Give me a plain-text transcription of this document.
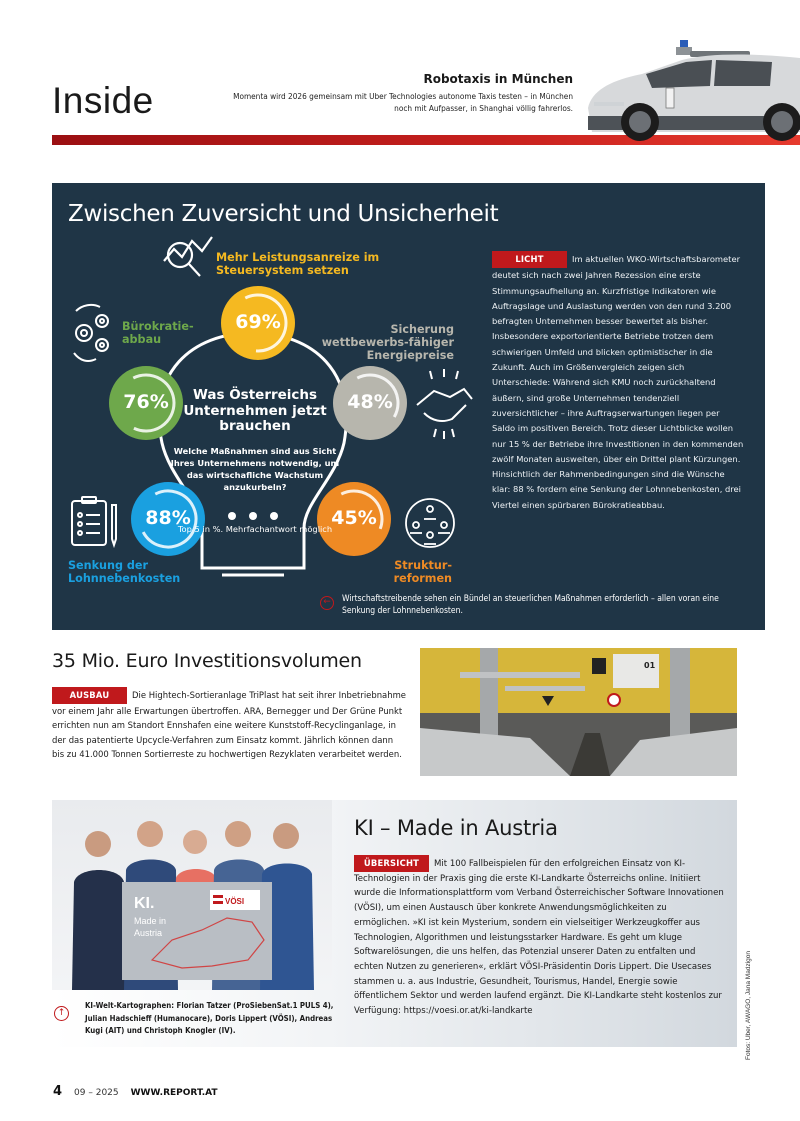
Inside
Robotaxis in München

Momenta wird 2026 gemeinsam mit Uber Technologies autonome Taxis testen – in München noch mit Aufpasser, in Shanghai völlig fahrerlos.

Zwischen Zuversicht und Unsicherheit
Mehr Leistungsanreize im Steuersystem setzen
Bürokratie-abbau
Sicherung wettbewerbs-fähiger Energiepreise
Senkung der Lohnnebenkosten
Struktur-reformen
69%
76%	48%
88%	45%
Was Österreichs Unternehmen jetzt brauchen
Welche Maßnahmen sind aus Sicht Ihres Unternehmens notwendig, um das wirtschafliche Wachstum anzukurbeln?
Top 5 in %. Mehrfachantwort möglich
LICHT	Im aktuellen WKO-Wirtschaftsbarometer deutet sich nach zwei Jahren Rezession eine erste Stimmungsaufhellung an. Kurzfristige Indikatoren wie Auftragslage und Auslastung werden von den rund 3.200 befragten Unternehmen besser bewertet als bisher. Insbesondere exportorientierte Betriebe trotzen dem schwierigen Umfeld und blicken optimistischer in die Zukunft. Auch im Größenvergleich zeigen sich Unterschiede: Während sich KMU noch zurückhaltend äußern, sind große Unternehmen tendenziell zuversichtlicher – ihre Auftragserwartungen liegen per Saldo im positiven Bereich. Trotz dieser Lichtblicke wollen nur 15 % der Betriebe ihre Investitionen in den kommenden zwölf Monaten ausweiten, über ein Drittel plant Kürzungen. Hinsichtlich der Rahmenbedingungen sind die Wünsche klar: 88 % fordern eine Senkung der Lohnnebenkosten, drei Viertel einen spürbaren Bürokratieabbau.
←	Wirtschaftstreibende sehen ein Bündel an steuerlichen Maßnahmen erforderlich – allen voran eine Senkung der Lohnnebenkosten.

35 Mio. Euro Investitionsvolumen
AUSBAU	Die Hightech-Sortieranlage TriPlast hat seit ihrer Inbetriebnahme vor einem Jahr alle Erwartungen übertroffen. ARA, Bernegger und Der Grüne Punkt errichten nun am Standort Ennshafen eine weitere Kunststoff-Recyclinganlage, in der das patentierte Upcycle-Verfahren zum Einsatz kommt. Jährlich können dann bis zu 41.000 Tonnen Sortierreste zu hochwertigen Rezyklaten verarbeitet werden.
01
KI.
Made in
Austria
VÖSI
↑
KI-Welt-Kartographen: Florian Tatzer (ProSiebenSat.1 PULS 4), Julian Hadschieff (Humanocare), Doris Lippert (VÖSI), Andreas Kugi (AIT) und Christoph Knogler (IV).
KI – Made in Austria
ÜBERSICHT Mit 100 Fallbeispielen für den erfolgreichen Einsatz von KI-Technologien in der Praxis ging die erste KI-Landkarte Österreichs online. Initiiert wurde die Informationsplattform vom Verband Österreichischer Software Innovationen (VÖSI), um einen Austausch über konkrete Anwendungsmöglichkeiten zu ermöglichen. »KI ist kein Mysterium, sondern ein vielseitiger Werkzeugkoffer aus Technologien, Algorithmen und leistungsstarker Hardware. Es geht um kluge Softwarelösungen, die uns helfen, das Potenzial unserer Daten zu entfalten und echten Nutzen zu generieren«, erklärt VÖSI-Präsidentin Doris Lippert. Die Usecases stammen u. a. aus Industrie, Gesundheit, Tourismus, Handel, Energie sowie öffentlichem Sektor und werden laufend ergänzt. Die KI-Landkarte steht kostenlos zur Verfügung: https://voesi.or.at/ki-landkarte	Fotos: Uber, AWAGO, Jana Madzigon
4 09 – 2025 WWW.REPORT.AT
